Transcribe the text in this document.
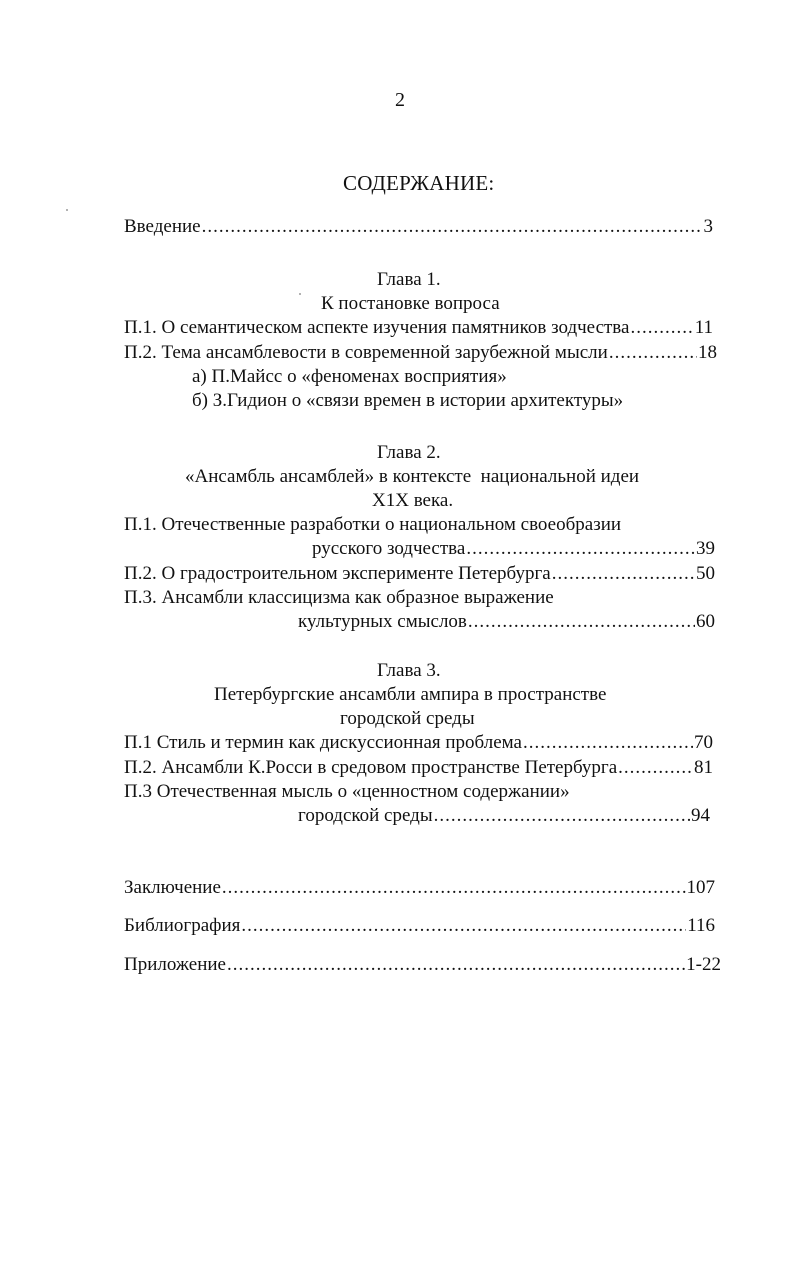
2
СОДЕРЖАНИЕ:
Введение .....	3
Глава 1.
К постановке вопроса
П.1. О семантическом аспекте изучения памятников зодчества .....	11
П.2. Тема ансамблевости в современной зарубежной мысли .....	18
а) П.Майсс о «феноменах восприятия»
б) З.Гидион о «связи времен в истории архитектуры»
Глава 2.
«Ансамбль ансамблей» в контексте  национальной идеи
Х1Х века.
П.1. Отечественные разработки о национальном своеобразии
русского зодчества .....	39
П.2. О градостроительном эксперименте Петербурга .....	50
П.3. Ансамбли классицизма как образное выражение
культурных смыслов .....	60
Глава 3.
Петербургские ансамбли ампира в пространстве
городской среды
П.1 Стиль и термин как дискуссионная проблема .....	70
П.2. Ансамбли К.Росси в средовом пространстве Петербурга .....	81
П.3 Отечественная мысль о «ценностном содержании»
городской среды .....	94
Заключение .....	107
Библиография .....	116
Приложение .....	1-22
